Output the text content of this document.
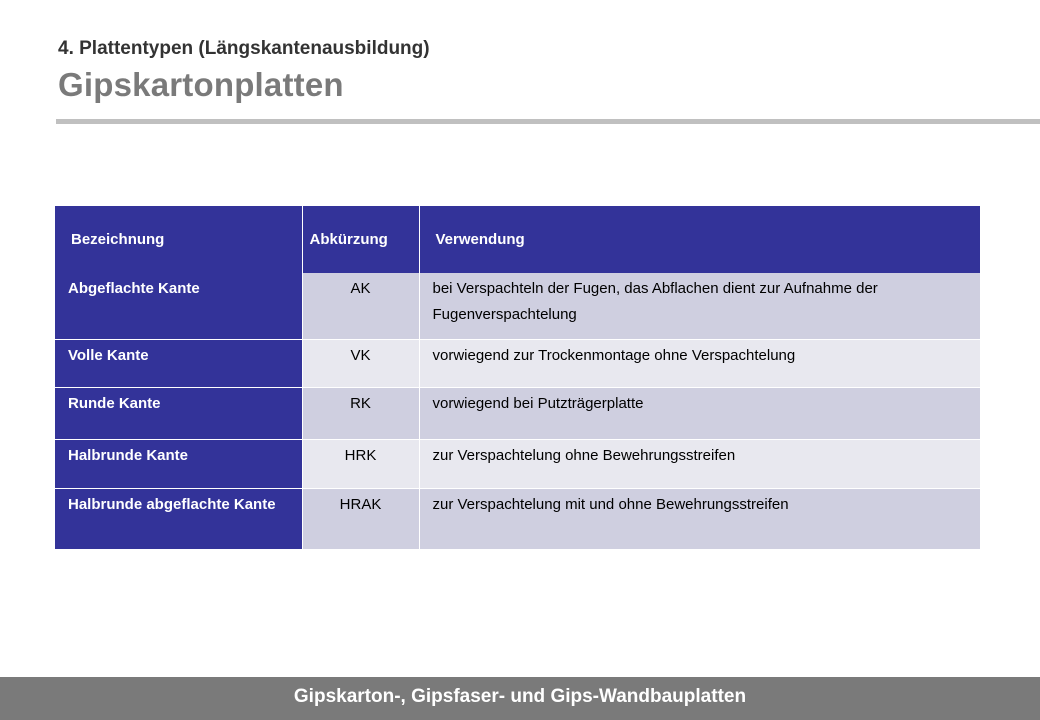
4. Plattentypen (Längskantenausbildung)
Gipskartonplatten
Bezeichnung	Abkürzung	Verwendung
Abgeflachte Kante	AK	bei Verspachteln der Fugen, das Abflachen dient zur Aufnahme der Fugenverspachtelung
Volle Kante	VK	vorwiegend zur Trockenmontage ohne Verspachtelung
Runde Kante	RK	vorwiegend bei Putzträgerplatte
Halbrunde Kante	HRK	zur Verspachtelung ohne Bewehrungsstreifen
Halbrunde abgeflachte Kante	HRAK	zur Verspachtelung mit und ohne Bewehrungsstreifen
Gipskarton-, Gipsfaser- und Gips-Wandbauplatten
